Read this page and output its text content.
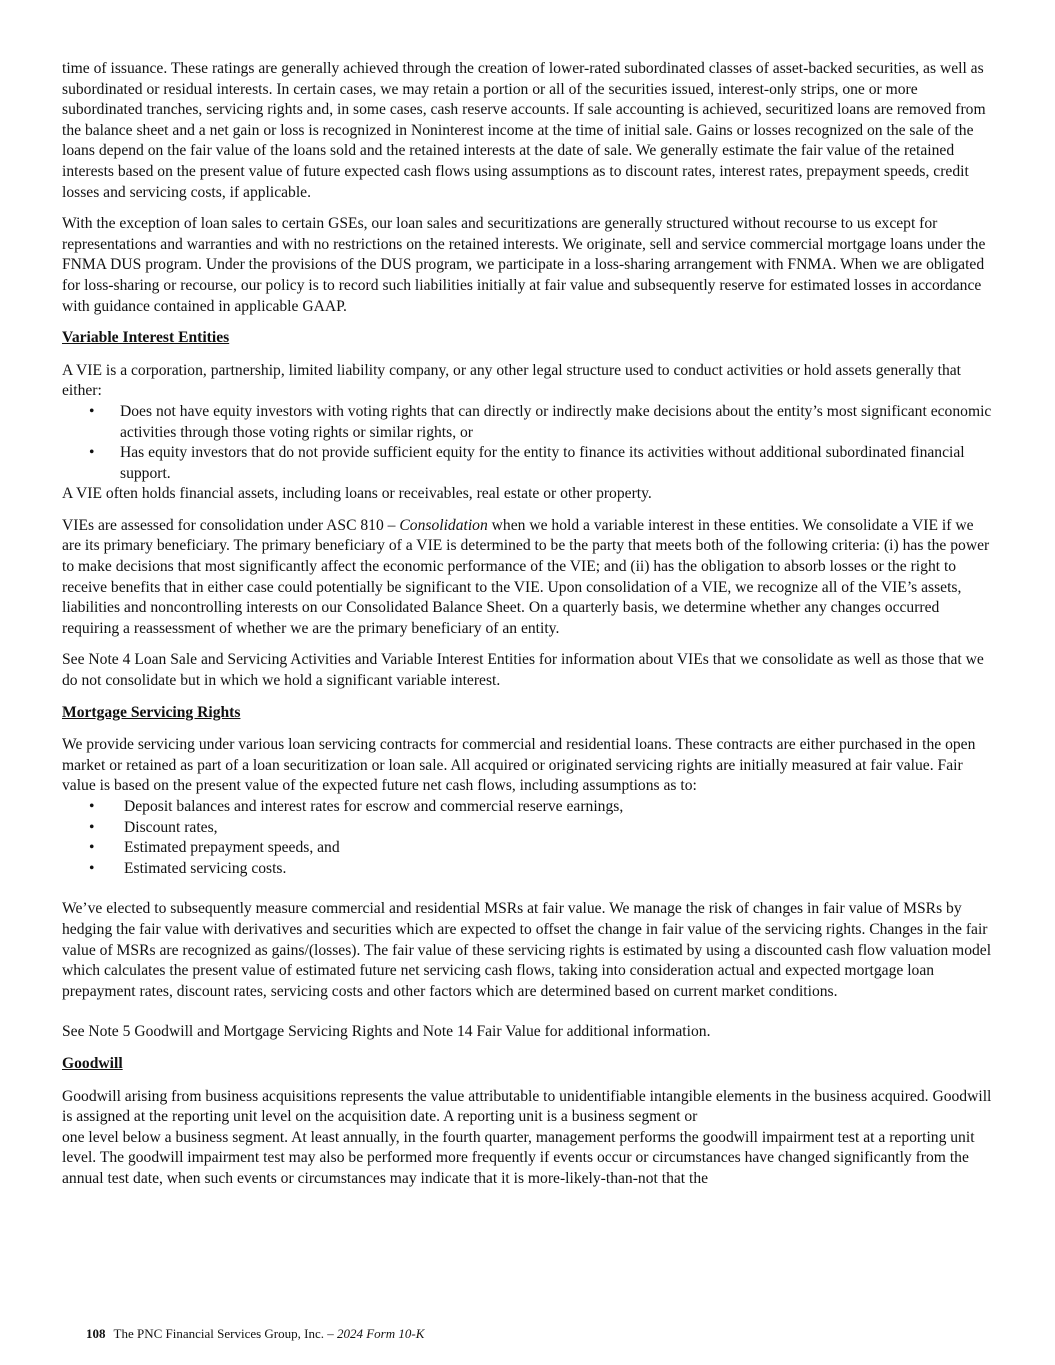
time of issuance. These ratings are generally achieved through the creation of lower-rated subordinated classes of asset-backed securities, as well as subordinated or residual interests. In certain cases, we may retain a portion or all of the securities issued, interest-only strips, one or more subordinated tranches, servicing rights and, in some cases, cash reserve accounts. If sale accounting is achieved, securitized loans are removed from the balance sheet and a net gain or loss is recognized in Noninterest income at the time of initial sale. Gains or losses recognized on the sale of the loans depend on the fair value of the loans sold and the retained interests at the date of sale. We generally estimate the fair value of the retained interests based on the present value of future expected cash flows using assumptions as to discount rates, interest rates, prepayment speeds, credit losses and servicing costs, if applicable.

With the exception of loan sales to certain GSEs, our loan sales and securitizations are generally structured without recourse to us except for representations and warranties and with no restrictions on the retained interests. We originate, sell and service commercial mortgage loans under the FNMA DUS program. Under the provisions of the DUS program, we participate in a loss-sharing arrangement with FNMA. When we are obligated for loss-sharing or recourse, our policy is to record such liabilities initially at fair value and subsequently reserve for estimated losses in accordance with guidance contained in applicable GAAP.

Variable Interest Entities

A VIE is a corporation, partnership, limited liability company, or any other legal structure used to conduct activities or hold assets generally that either:

• Does not have equity investors with voting rights that can directly or indirectly make decisions about the entity’s most significant economic activities through those voting rights or similar rights, or
• Has equity investors that do not provide sufficient equity for the entity to finance its activities without additional subordinated financial support.

A VIE often holds financial assets, including loans or receivables, real estate or other property.

VIEs are assessed for consolidation under ASC 810 – Consolidation when we hold a variable interest in these entities. We consolidate a VIE if we are its primary beneficiary. The primary beneficiary of a VIE is determined to be the party that meets both of the following criteria: (i) has the power to make decisions that most significantly affect the economic performance of the VIE; and (ii) has the obligation to absorb losses or the right to receive benefits that in either case could potentially be significant to the VIE. Upon consolidation of a VIE, we recognize all of the VIE’s assets, liabilities and noncontrolling interests on our Consolidated Balance Sheet. On a quarterly basis, we determine whether any changes occurred requiring a reassessment of whether we are the primary beneficiary of an entity.

See Note 4 Loan Sale and Servicing Activities and Variable Interest Entities for information about VIEs that we consolidate as well as those that we do not consolidate but in which we hold a significant variable interest.

Mortgage Servicing Rights

We provide servicing under various loan servicing contracts for commercial and residential loans. These contracts are either purchased in the open market or retained as part of a loan securitization or loan sale. All acquired or originated servicing rights are initially measured at fair value. Fair value is based on the present value of the expected future net cash flows, including assumptions as to:

• Deposit balances and interest rates for escrow and commercial reserve earnings,
• Discount rates,
• Estimated prepayment speeds, and
• Estimated servicing costs.

We’ve elected to subsequently measure commercial and residential MSRs at fair value. We manage the risk of changes in fair value of MSRs by hedging the fair value with derivatives and securities which are expected to offset the change in fair value of the servicing rights. Changes in the fair value of MSRs are recognized as gains/(losses). The fair value of these servicing rights is estimated by using a discounted cash flow valuation model which calculates the present value of estimated future net servicing cash flows, taking into consideration actual and expected mortgage loan prepayment rates, discount rates, servicing costs and other factors which are determined based on current market conditions.

See Note 5 Goodwill and Mortgage Servicing Rights and Note 14 Fair Value for additional information.

Goodwill

Goodwill arising from business acquisitions represents the value attributable to unidentifiable intangible elements in the business acquired. Goodwill is assigned at the reporting unit level on the acquisition date. A reporting unit is a business segment or

one level below a business segment. At least annually, in the fourth quarter, management performs the goodwill impairment test at a reporting unit level. The goodwill impairment test may also be performed more frequently if events occur or circumstances have changed significantly from the annual test date, when such events or circumstances may indicate that it is more-likely-than-not that the

108 The PNC Financial Services Group, Inc. – 2024 Form 10-K
